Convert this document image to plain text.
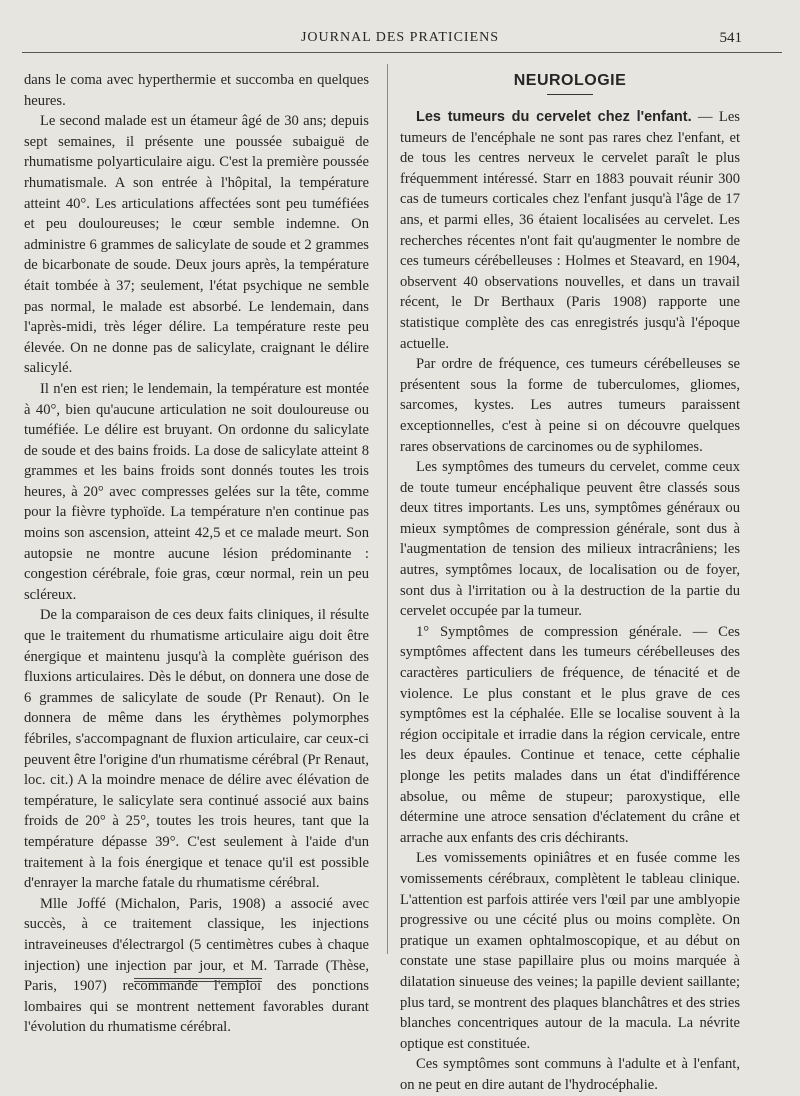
JOURNAL DES PRATICIENS	541

dans le coma avec hyperthermie et succomba en quelques heures.

Le second malade est un étameur âgé de 30 ans; depuis sept semaines, il présente une poussée subaiguë de rhumatisme polyarticulaire aigu. C'est la première poussée rhumatismale. A son entrée à l'hôpital, la température atteint 40°. Les articulations affectées sont peu tuméfiées et peu douloureuses; le cœur semble indemne. On administre 6 grammes de salicylate de soude et 2 grammes de bicarbonate de soude. Deux jours après, la température était tombée à 37; seulement, l'état psychique ne semble pas normal, le malade est absorbé. Le lendemain, dans l'après-midi, très léger délire. La température reste peu élevée. On ne donne pas de salicylate, craignant le délire salicylé.

Il n'en est rien; le lendemain, la température est montée à 40°, bien qu'aucune articulation ne soit douloureuse ou tuméfiée. Le délire est bruyant. On ordonne du salicylate de soude et des bains froids. La dose de salicylate atteint 8 grammes et les bains froids sont donnés toutes les trois heures, à 20° avec compresses gelées sur la tête, comme pour la fièvre typhoïde. La température n'en continue pas moins son ascension, atteint 42,5 et ce malade meurt. Son autopsie ne montre aucune lésion prédominante : congestion cérébrale, foie gras, cœur normal, rein un peu scléreux.

De la comparaison de ces deux faits cliniques, il résulte que le traitement du rhumatisme articulaire aigu doit être énergique et maintenu jusqu'à la complète guérison des fluxions articulaires. Dès le début, on donnera une dose de 6 grammes de salicylate de soude (Pr Renaut). On le donnera de même dans les érythèmes polymorphes fébriles, s'accompagnant de fluxion articulaire, car ceux-ci peuvent être l'origine d'un rhumatisme cérébral (Pr Renaut, loc. cit.) A la moindre menace de délire avec élévation de température, le salicylate sera continué associé aux bains froids de 20° à 25°, toutes les trois heures, tant que la température dépasse 39°. C'est seulement à l'aide d'un traitement à la fois énergique et tenace qu'il est possible d'enrayer la marche fatale du rhumatisme cérébral.

Mlle Joffé (Michalon, Paris, 1908) a associé avec succès, à ce traitement classique, les injections intraveineuses d'électrargol (5 centimètres cubes à chaque injection) une injection par jour, et M. Tarrade (Thèse, Paris, 1907) recommande l'emploi des ponctions lombaires qui se montrent nettement favorables durant l'évolution du rhumatisme cérébral.

NEUROLOGIE

Les tumeurs du cervelet chez l'enfant. — Les tumeurs de l'encéphale ne sont pas rares chez l'enfant, et de tous les centres nerveux le cervelet paraît le plus fréquemment intéressé. Starr en 1883 pouvait réunir 300 cas de tumeurs corticales chez l'enfant jusqu'à l'âge de 17 ans, et parmi elles, 36 étaient localisées au cervelet. Les recherches récentes n'ont fait qu'augmenter le nombre de ces tumeurs cérébelleuses : Holmes et Steavard, en 1904, observent 40 observations nouvelles, et dans un travail récent, le Dr Berthaux (Paris 1908) rapporte une statistique complète des cas enregistrés jusqu'à l'époque actuelle.

Par ordre de fréquence, ces tumeurs cérébelleuses se présentent sous la forme de tuberculomes, gliomes, sarcomes, kystes. Les autres tumeurs paraissent exceptionnelles, c'est à peine si on découvre quelques rares observations de carcinomes ou de syphilomes.

Les symptômes des tumeurs du cervelet, comme ceux de toute tumeur encéphalique peuvent être classés sous deux titres importants. Les uns, symptômes généraux ou mieux symptômes de compression générale, sont dus à l'augmentation de tension des milieux intracrâniens; les autres, symptômes locaux, de localisation ou de foyer, sont dus à l'irritation ou à la destruction de la partie du cervelet occupée par la tumeur.

1° Symptômes de compression générale. — Ces symptômes affectent dans les tumeurs cérébelleuses des caractères particuliers de fréquence, de ténacité et de violence. Le plus constant et le plus grave de ces symptômes est la céphalée. Elle se localise souvent à la région occipitale et irradie dans la région cervicale, entre les deux épaules. Continue et tenace, cette céphalie plonge les petits malades dans un état d'indifférence absolue, ou même de stupeur; paroxystique, elle détermine une atroce sensation d'éclatement du crâne et arrache aux enfants des cris déchirants.

Les vomissements opiniâtres et en fusée comme les vomissements cérébraux, complètent le tableau clinique. L'attention est parfois attirée vers l'œil par une amblyopie progressive ou une cécité plus ou moins complète. On pratique un examen ophtalmoscopique, et au début on constate une stase papillaire plus ou moins marquée à dilatation sinueuse des veines; la papille devient saillante; plus tard, se montrent des plaques blanchâtres et des stries blanches concentriques autour de la macula. La névrite optique est constituée.

Ces symptômes sont communs à l'adulte et à l'enfant, on ne peut en dire autant de l'hydrocéphalie.
